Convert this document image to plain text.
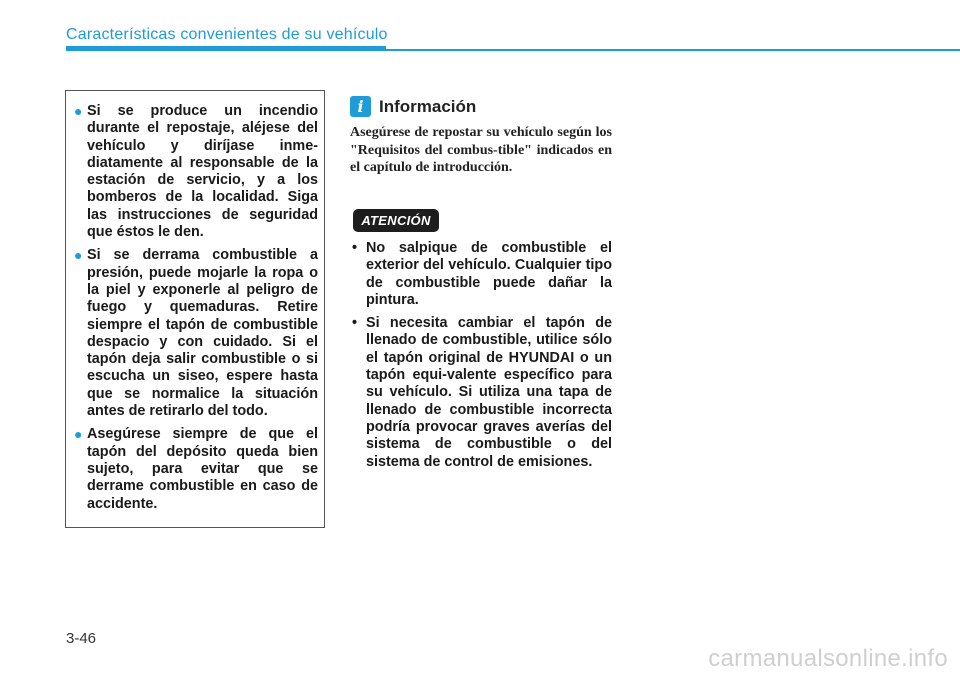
Características convenientes de su vehículo
● Si se produce un incendio durante el repostaje, aléjese del vehículo y diríjase inme-diatamente al responsable de la estación de servicio, y a los bomberos de la localidad. Siga las instrucciones de seguridad que éstos le den.
● Si se derrama combustible a presión, puede mojarle la ropa o la piel y exponerle al peligro de fuego y quemaduras. Retire siempre el tapón de combustible despacio y con cuidado. Si el tapón deja salir combustible o si escucha un siseo, espere hasta que se normalice la situación antes de retirarlo del todo.
● Asegúrese siempre de que el tapón del depósito queda bien sujeto, para evitar que se derrame combustible en caso de accidente.
i Información

Asegúrese de repostar su vehículo según los "Requisitos del combus-tible" indicados en el capítulo de introducción.

ATENCIÓN
• No salpique de combustible el exterior del vehículo. Cualquier tipo de combustible puede dañar la pintura.
• Si necesita cambiar el tapón de llenado de combustible, utilice sólo el tapón original de HYUNDAI o un tapón equi-valente específico para su vehículo. Si utiliza una tapa de llenado de combustible incorrecta podría provocar graves averías del sistema de combustible o del sistema de control de emisiones.
3-46
carmanualsonline.info
